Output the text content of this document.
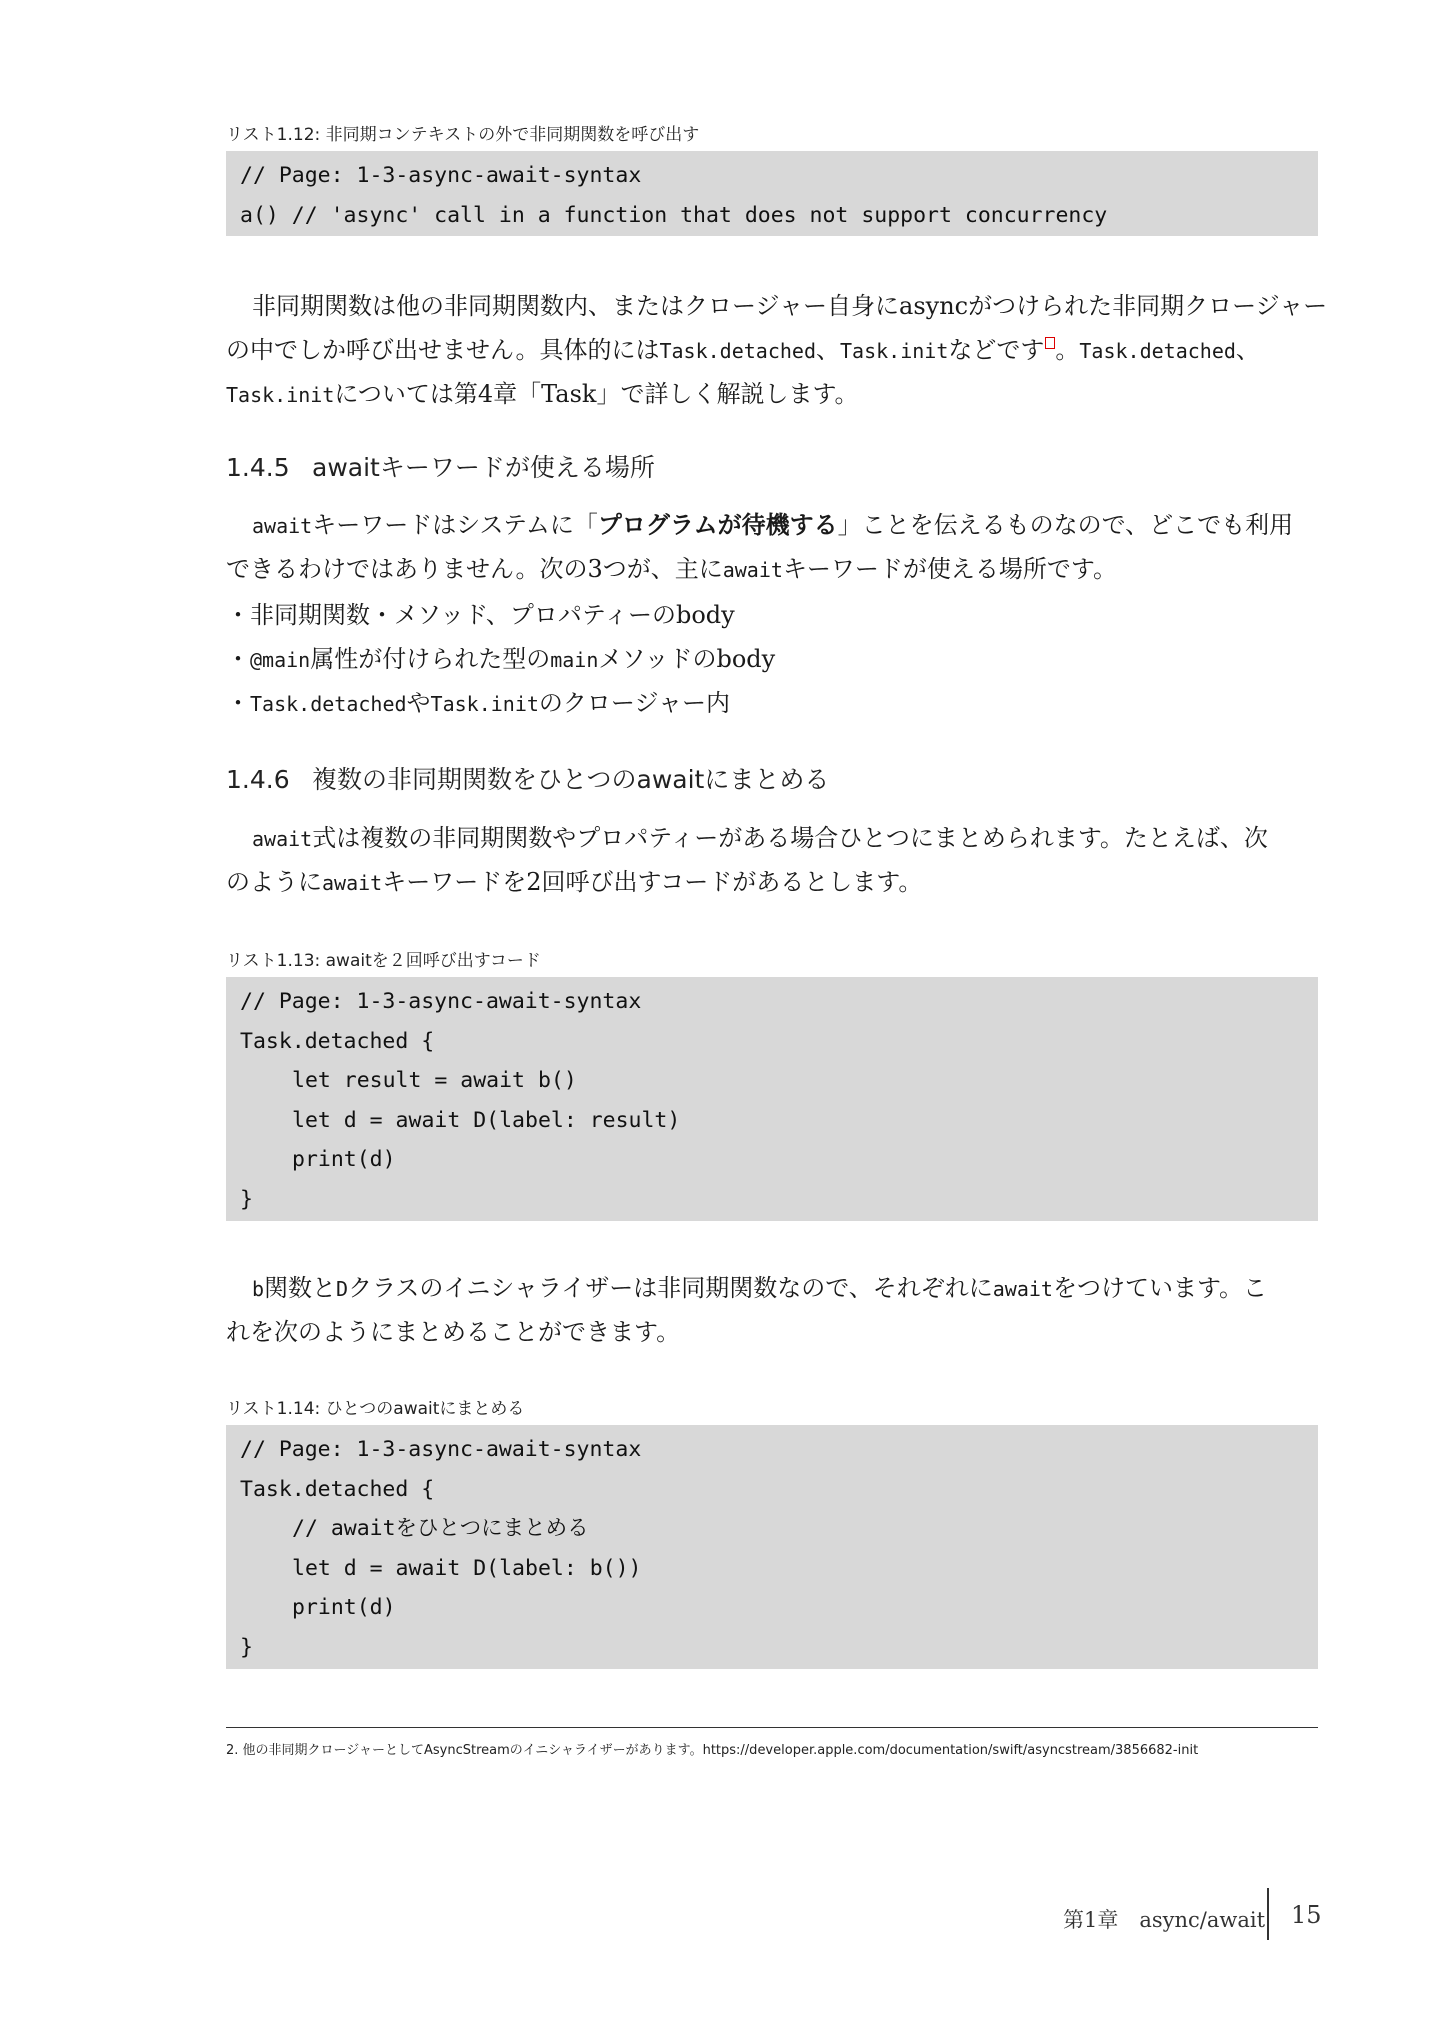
リスト1.12: 非同期コンテキストの外で非同期関数を呼び出す
// Page: 1-3-async-await-syntax
a() // 'async' call in a function that does not support concurrency
非同期関数は他の非同期関数内、またはクロージャー自身にasyncがつけられた非同期クロージャー
の中でしか呼び出せません。具体的にはTask.detached、Task.initなどです 。Task.detached、
Task.initについては第4章「Task」で詳しく解説します。
1.4.5 awaitキーワードが使える場所
awaitキーワードはシステムに「プログラムが待機する」ことを伝えるものなので、どこでも利用
できるわけではありません。次の3つが、主にawaitキーワードが使える場所です。
・非同期関数・メソッド、プロパティーのbody
・@main属性が付けられた型のmainメソッドのbody
・Task.detachedやTask.initのクロージャー内
1.4.6 複数の非同期関数をひとつのawaitにまとめる
await式は複数の非同期関数やプロパティーがある場合ひとつにまとめられます。たとえば、次
のようにawaitキーワードを2回呼び出すコードがあるとします。
リスト1.13: awaitを２回呼び出すコード
// Page: 1-3-async-await-syntax
Task.detached {
let result = await b()
let d = await D(label: result)
print(d)
}
b関数とDクラスのイニシャライザーは非同期関数なので、それぞれにawaitをつけています。こ
れを次のようにまとめることができます。
リスト1.14: ひとつのawaitにまとめる
// Page: 1-3-async-await-syntax
Task.detached {
// awaitをひとつにまとめる
let d = await D(label: b())
print(d)
}
2. 他の非同期クロージャーとしてAsyncStreamのイニシャライザーがあります。https://developer.apple.com/documentation/swift/asyncstream/3856682-init
第1章　async/await 15
